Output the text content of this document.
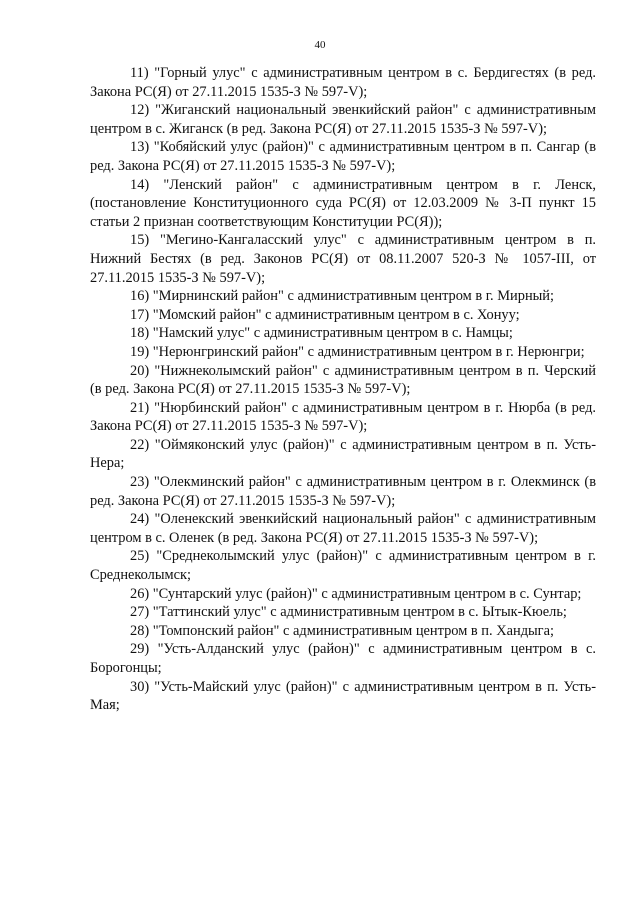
40

11) "Горный улус" с административным центром в с. Бердигестях (в ред. Закона РС(Я) от 27.11.2015 1535-З № 597-V);

12) "Жиганский национальный эвенкийский район" с административным центром в с. Жиганск (в ред. Закона РС(Я) от 27.11.2015 1535-З № 597-V);

13) "Кобяйский улус (район)" с административным центром в п. Сангар (в ред. Закона РС(Я) от 27.11.2015 1535-З № 597-V);

14) "Ленский район" с административным центром в г. Ленск, (постановление Конституционного суда РС(Я) от 12.03.2009 № 3-П пункт 15 статьи 2 признан соответствующим Конституции РС(Я));

15) "Мегино-Кангаласский улус" с административным центром в п. Нижний Бестях (в ред. Законов РС(Я) от 08.11.2007 520-З № 1057-III, от 27.11.2015 1535-З № 597-V);

16) "Мирнинский район" с административным центром в г. Мирный;

17) "Момский район" с административным центром в с. Хонуу;

18) "Намский улус" с административным центром в с. Намцы;

19) "Нерюнгринский район" с административным центром в г. Нерюнгри;

20) "Нижнеколымский район" с административным центром в п. Черский (в ред. Закона РС(Я) от 27.11.2015 1535-З № 597-V);

21) "Нюрбинский район" с административным центром в г. Нюрба (в ред. Закона РС(Я) от 27.11.2015 1535-З № 597-V);

22) "Оймяконский улус (район)" с административным центром в п. Усть-Нера;

23) "Олекминский район" с административным центром в г. Олекминск (в ред. Закона РС(Я) от 27.11.2015 1535-З № 597-V);

24) "Оленекский эвенкийский национальный район" с административным центром в с. Оленек (в ред. Закона РС(Я) от 27.11.2015 1535-З № 597-V);

25) "Среднеколымский улус (район)" с административным центром в г. Среднеколымск;

26) "Сунтарский улус (район)" с административным центром в с. Сунтар;

27) "Таттинский улус" с административным центром в с. Ытык-Кюель;

28) "Томпонский район" с административным центром в п. Хандыга;

29) "Усть-Алданский улус (район)" с административным центром в с. Борогонцы;

30) "Усть-Майский улус (район)" с административным центром в п. Усть-Мая;
